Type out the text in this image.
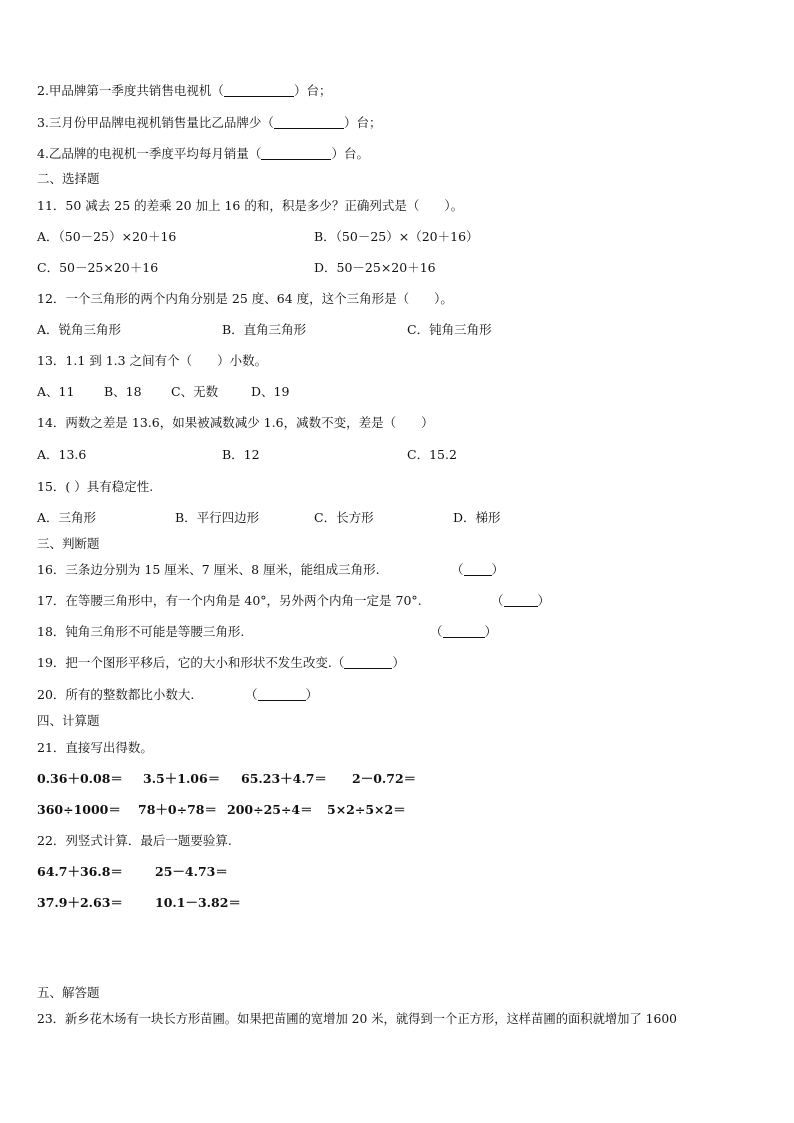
2.甲品牌第一季度共销售电视机（	）台；
3.三月份甲品牌电视机销售量比乙品牌少（	）台；
4.乙品牌的电视机一季度平均每月销量（	）台。
二、选择题
11．50 减去 25 的差乘 20 加上 16 的和，积是多少？正确列式是（　　）。
A．（50－25）×20＋16	B．（50－25）×（20＋16）
C．50－25×20＋16	D．50－25×20＋16
12．一个三角形的两个内角分别是 25 度、64 度，这个三角形是（　　）。
A．锐角三角形	B．直角三角形	C．钝角三角形
13．1.1 到 1.3 之间有个（　　）小数。
A、11 B、18 C、无数	D、19
14．两数之差是 13.6，如果被减数减少 1.6，减数不变，差是（　　）
A．13.6	B．12	C．15.2
15．( ）具有稳定性.
A．三角形	B．平行四边形	C．长方形	D．梯形
三、判断题
16．三条边分别为 15 厘米、7 厘米、8 厘米，能组成三角形.	（ ）
17．在等腰三角形中，有一个内角是 40°，另外两个内角一定是 70°.	（	）
18．钝角三角形不可能是等腰三角形.	（	）
19．把一个图形平移后，它的大小和形状不发生改变.（	）
20．所有的整数都比小数大.	（	）
四、计算题
21．直接写出得数。
0.36＋0.08＝ 3.5＋1.06＝ 65.23＋4.7＝ 2－0.72＝
360÷1000＝ 78＋0÷78＝ 200÷25÷4＝ 5×2÷5×2＝
22．列竖式计算．最后一题要验算.
64.7＋36.8＝	25－4.73＝
37.9＋2.63＝	10.1－3.82＝
五、解答题
23．新乡花木场有一块长方形苗圃。如果把苗圃的宽增加 20 米，就得到一个正方形，这样苗圃的面积就增加了 1600
